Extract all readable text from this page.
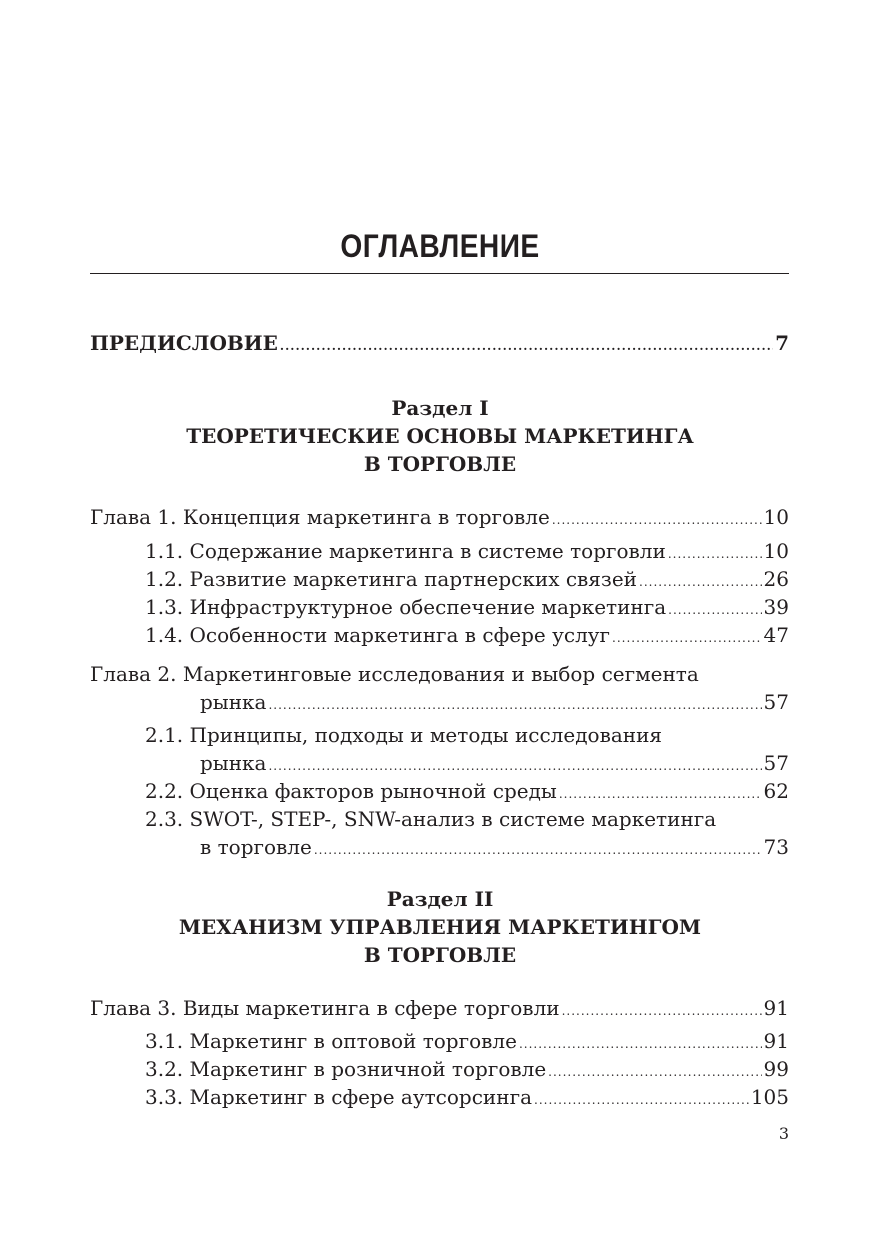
ОГЛАВЛЕНИЕ
ПРЕДИСЛОВИЕ .....	7
Раздел I
ТЕОРЕТИЧЕСКИЕ ОСНОВЫ МАРКЕТИНГА
В ТОРГОВЛЕ
Глава 1. Концепция маркетинга в торговле .....	10
1.1. Содержание маркетинга в системе торговли .....	10
1.2. Развитие маркетинга партнерских связей .....	26
1.3. Инфраструктурное обеспечение маркетинга .....	39
1.4. Особенности маркетинга в сфере услуг .....	47
Глава 2. Маркетинговые исследования и выбор сегмента
рынка .....	57
2.1. Принципы, подходы и методы исследования
рынка .....	57
2.2. Оценка факторов рыночной среды .....	62
2.3. SWOT-, STEP-, SNW-анализ в системе маркетинга
в торговле .....	73
Раздел II
МЕХАНИЗМ УПРАВЛЕНИЯ МАРКЕТИНГОМ
В ТОРГОВЛЕ
Глава 3. Виды маркетинга в сфере торговли .....	91
3.1. Маркетинг в оптовой торговле .....	91
3.2. Маркетинг в розничной торговле .....	99
3.3. Маркетинг в сфере аутсорсинга .....	105
3
